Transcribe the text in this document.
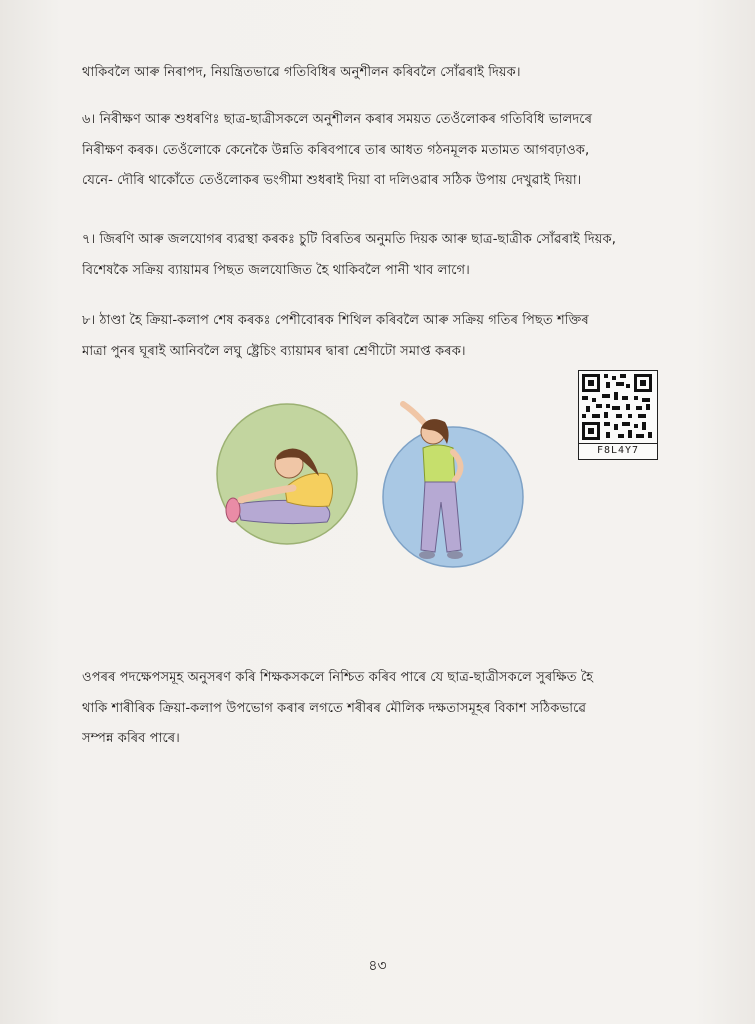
থাকিবলৈ আৰু নিৰাপদ, নিয়ন্ত্ৰিতভাৱে গতিবিধিৰ অনুশীলন কৰিবলৈ সোঁৱৰাই দিয়ক।

৬। নিৰীক্ষণ আৰু শুধৰণিঃ ছাত্ৰ-ছাত্ৰীসকলে অনুশীলন কৰাৰ সময়ত তেওঁলোকৰ গতিবিধি ভালদৰে
নিৰীক্ষণ কৰক। তেওঁলোকে কেনেকৈ উন্নতি কৰিবপাৰে তাৰ আধত গঠনমূলক মতামত আগবঢ়াওক,
যেনে- দৌৰি থাকোঁতে তেওঁলোকৰ ভংগীমা শুধৰাই দিয়া বা দলিওৱাৰ সঠিক উপায় দেখুৱাই দিয়া।

৭। জিৰণি আৰু জলযোগৰ ব্যৱস্থা কৰকঃ চুটি বিৰতিৰ অনুমতি দিয়ক আৰু ছাত্ৰ-ছাত্ৰীক সোঁৱৰাই দিয়ক,
বিশেষকৈ সক্ৰিয় ব্যায়ামৰ পিছত জলযোজিত হৈ থাকিবলৈ পানী খাব লাগে।

৮। ঠাণ্ডা হৈ ক্ৰিয়া-কলাপ শেষ কৰকঃ পেশীবোৰক শিথিল কৰিবলৈ আৰু সক্ৰিয় গতিৰ পিছত শক্তিৰ
মাত্ৰা পুনৰ ঘূৰাই আনিবলৈ লঘু ষ্ট্ৰেচিং ব্যায়ামৰ দ্বাৰা শ্ৰেণীটো সমাপ্ত কৰক।

F8L4Y7

ওপৰৰ পদক্ষেপসমূহ অনুসৰণ কৰি শিক্ষকসকলে নিশ্চিত কৰিব পাৰে যে ছাত্ৰ-ছাত্ৰীসকলে সুৰক্ষিত হৈ
থাকি শাৰীৰিক ক্ৰিয়া-কলাপ উপভোগ কৰাৰ লগতে শৰীৰৰ মৌলিক দক্ষতাসমূহৰ বিকাশ সঠিকভাৱে
সম্পন্ন কৰিব পাৰে।

৪৩
